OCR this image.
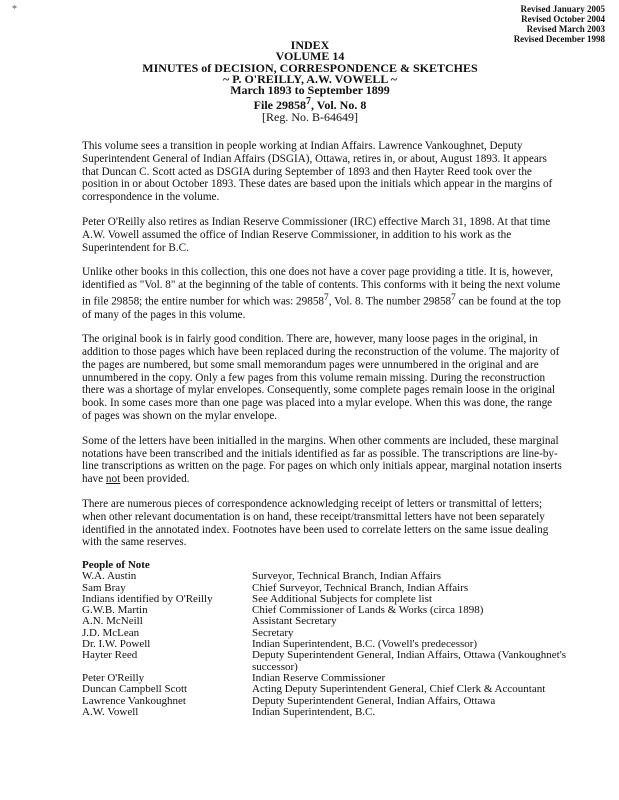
*	Revised January 2005
Revised October 2004
Revised March 2003
Revised December 1998
INDEX
VOLUME 14
MINUTES of DECISION, CORRESPONDENCE & SKETCHES
~ P. O'REILLY, A.W. VOWELL ~
March 1893 to September 1899
File 29858$^7$, Vol. No. 8
[Reg. No. B-64649]

This volume sees a transition in people working at Indian Affairs. Lawrence Vankoughnet, Deputy Superintendent General of Indian Affairs (DSGIA), Ottawa, retires in, or about, August 1893. It appears that Duncan C. Scott acted as DSGIA during September of 1893 and then Hayter Reed took over the position in or about October 1893. These dates are based upon the initials which appear in the margins of correspondence in the volume.

Peter O'Reilly also retires as Indian Reserve Commissioner (IRC) effective March 31, 1898. At that time A.W. Vowell assumed the office of Indian Reserve Commissioner, in addition to his work as the Superintendent for B.C.

Unlike other books in this collection, this one does not have a cover page providing a title. It is, however, identified as "Vol. 8" at the beginning of the table of contents. This conforms with it being the next volume in file 29858; the entire number for which was: 29858$^7$, Vol. 8. The number 29858$^7$ can be found at the top of many of the pages in this volume.

The original book is in fairly good condition. There are, however, many loose pages in the original, in addition to those pages which have been replaced during the reconstruction of the volume. The majority of the pages are numbered, but some small memorandum pages were unnumbered in the original and are unnumbered in the copy. Only a few pages from this volume remain missing. During the reconstruction there was a shortage of mylar envelopes. Consequently, some complete pages remain loose in the original book. In some cases more than one page was placed into a mylar evelope. When this was done, the range of pages was shown on the mylar envelope.

Some of the letters have been initialled in the margins. When other comments are included, these marginal notations have been transcribed and the initials identified as far as possible. The transcriptions are line-by-line transcriptions as written on the page. For pages on which only initials appear, marginal notation inserts have not been provided.

There are numerous pieces of correspondence acknowledging receipt of letters or transmittal of letters; when other relevant documentation is on hand, these receipt/transmittal letters have not been separately identified in the annotated index. Footnotes have been used to correlate letters on the same issue dealing with the same reserves.

People of Note
W.A. Austin	Surveyor, Technical Branch, Indian Affairs
Sam Bray	Chief Surveyor, Technical Branch, Indian Affairs
Indians identified by O'Reilly	See Additional Subjects for complete list
G.W.B. Martin	Chief Commissioner of Lands & Works (circa 1898)
A.N. McNeill	Assistant Secretary
J.D. McLean	Secretary
Dr. I.W. Powell	Indian Superintendent, B.C. (Vowell's predecessor)
Hayter Reed	Deputy Superintendent General, Indian Affairs, Ottawa (Vankoughnet's successor)
Peter O'Reilly	Indian Reserve Commissioner
Duncan Campbell Scott	Acting Deputy Superintendent General, Chief Clerk & Accountant
Lawrence Vankoughnet	Deputy Superintendent General, Indian Affairs, Ottawa
A.W. Vowell	Indian Superintendent, B.C.
